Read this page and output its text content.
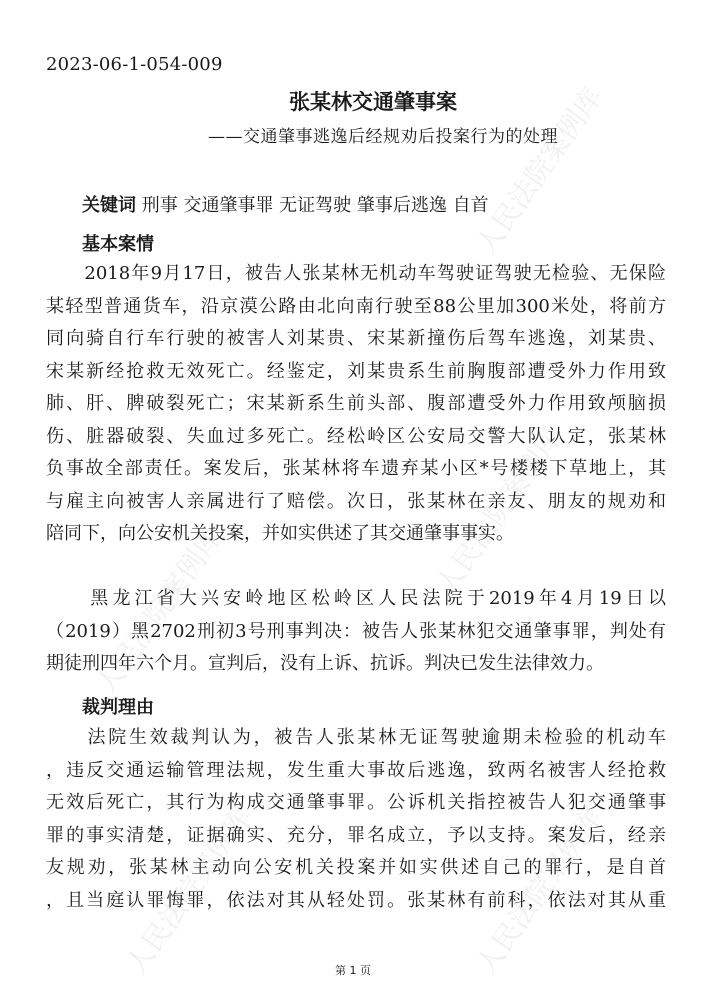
人民法院案例库
人民法院案例库
人民法院案例库
人民法院案例库	人民法院案例库
2023-06-1-054-009
张某林交通肇事案
——交通肇事逃逸后经规劝后投案行为的处理
关键词 刑事 交通肇事罪 无证驾驶 肇事后逃逸 自首
基本案情
　　2018年9月17日，被告人张某林无机动车驾驶证驾驶无检验、无保险
某轻型普通货车，沿京漠公路由北向南行驶至88公里加300米处，将前方
同向骑自行车行驶的被害人刘某贵、宋某新撞伤后驾车逃逸，刘某贵、
宋某新经抢救无效死亡。经鉴定，刘某贵系生前胸腹部遭受外力作用致
肺、肝、脾破裂死亡；宋某新系生前头部、腹部遭受外力作用致颅脑损
伤、脏器破裂、失血过多死亡。经松岭区公安局交警大队认定，张某林
负事故全部责任。案发后，张某林将车遗弃某小区*号楼楼下草地上，其
与雇主向被害人亲属进行了赔偿。次日，张某林在亲友、朋友的规劝和
陪同下，向公安机关投案，并如实供述了其交通肇事事实。
　　黑龙江省大兴安岭地区松岭区人民法院于2019年4月19日以
（2019）黑2702刑初3号刑事判决：被告人张某林犯交通肇事罪，判处有
期徒刑四年六个月。宣判后，没有上诉、抗诉。判决已发生法律效力。
裁判理由
　　法院生效裁判认为，被告人张某林无证驾驶逾期未检验的机动车
，违反交通运输管理法规，发生重大事故后逃逸，致两名被害人经抢救
无效后死亡，其行为构成交通肇事罪。公诉机关指控被告人犯交通肇事
罪的事实清楚，证据确实、充分，罪名成立，予以支持。案发后，经亲
友规劝，张某林主动向公安机关投案并如实供述自己的罪行，是自首
，且当庭认罪悔罪，依法对其从轻处罚。张某林有前科，依法对其从重
第 1 页
